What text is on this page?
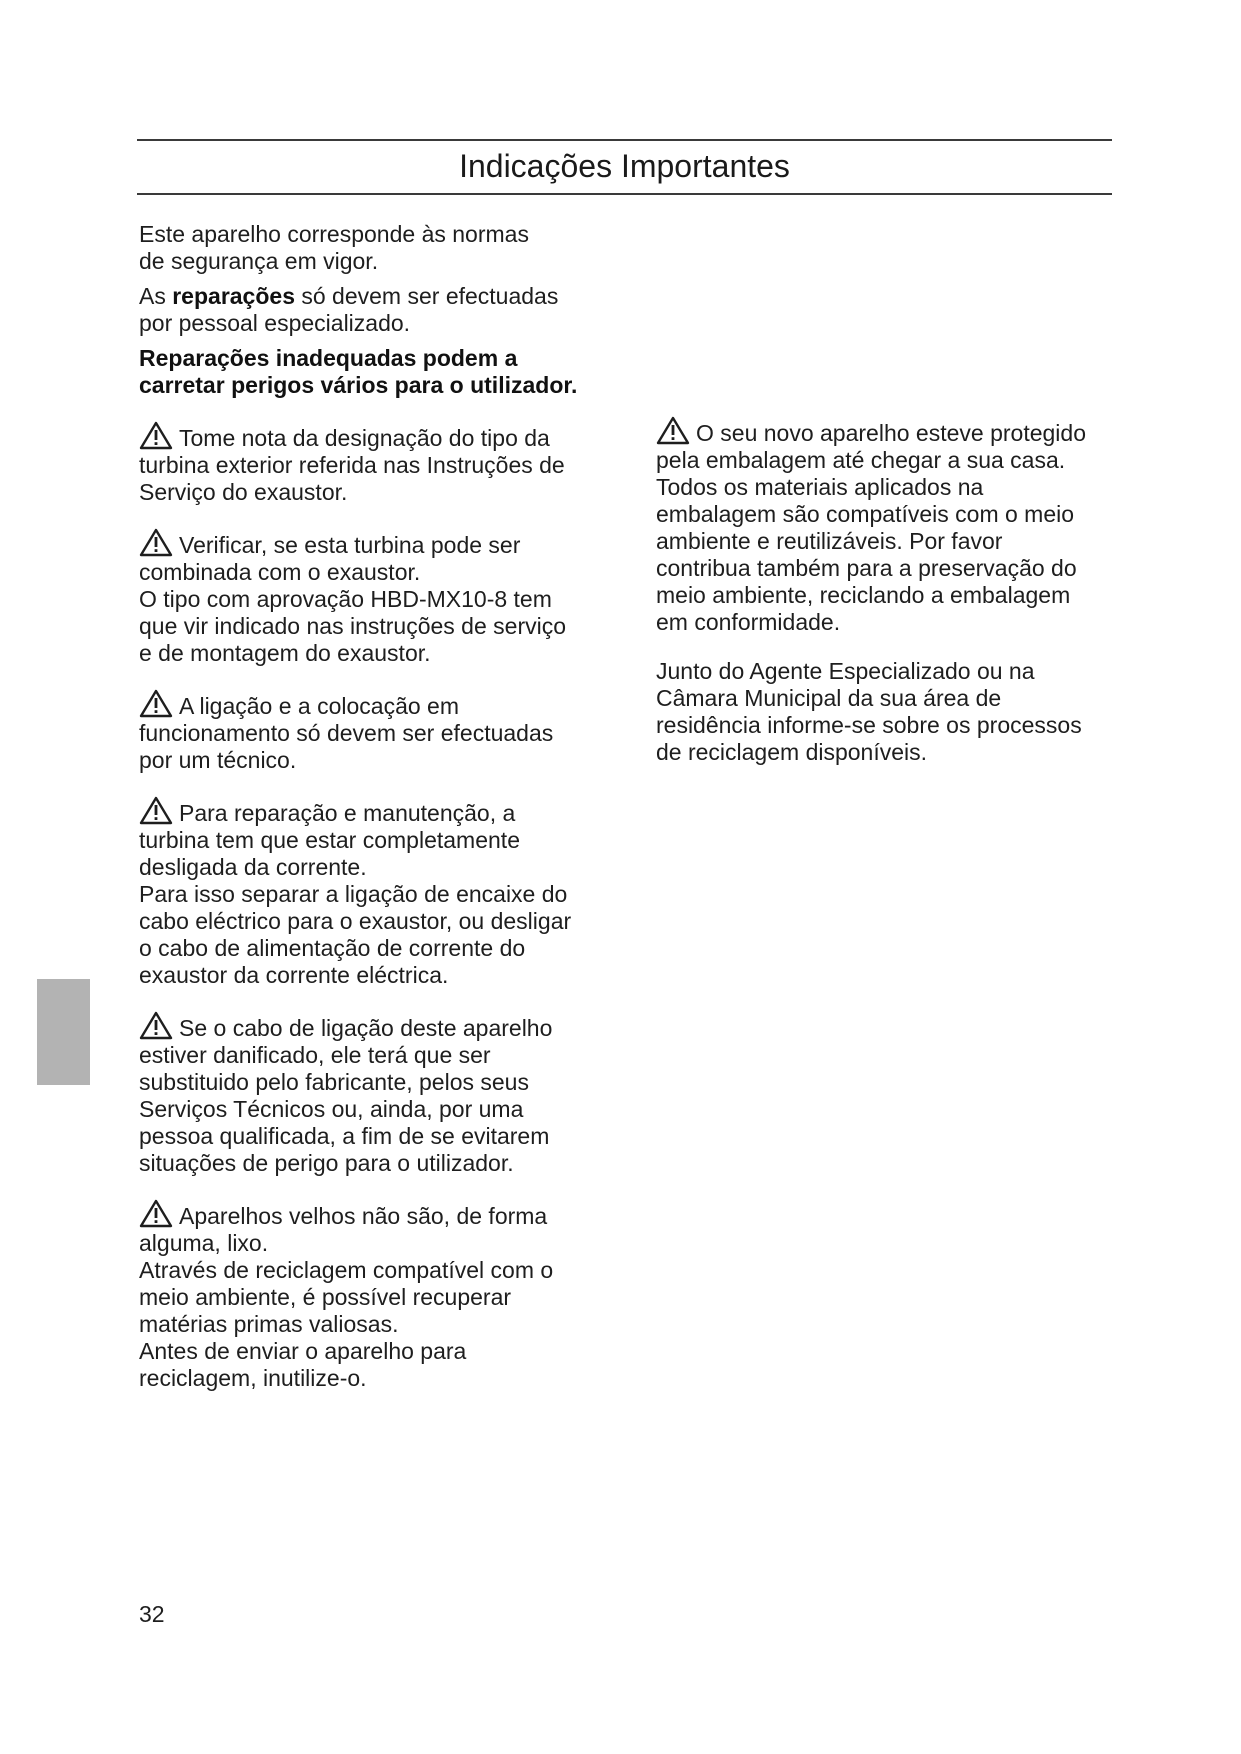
Indicações Importantes

Este aparelho corresponde às normas
de segurança em vigor.

As reparações só devem ser efectuadas
por pessoal especializado.

Reparações inadequadas podem a
carretar perigos vários para o utilizador.

Tome nota da designação do tipo da
turbina exterior referida nas Instruções de
Serviço do exaustor.

Verificar, se esta turbina pode ser
combinada com o exaustor.
O tipo com aprovação HBD-MX10-8 tem
que vir indicado nas instruções de serviço
e de montagem do exaustor.

A ligação e a colocação em
funcionamento só devem ser efectuadas
por um técnico.

Para reparação e manutenção, a
turbina tem que estar completamente
desligada da corrente.
Para isso separar a ligação de encaixe do
cabo eléctrico para o exaustor, ou desligar
o cabo de alimentação de corrente do
exaustor da corrente eléctrica.

Se o cabo de ligação deste aparelho
estiver danificado, ele terá que ser
substituido pelo fabricante, pelos seus
Serviços Técnicos ou, ainda, por uma
pessoa qualificada, a fim de se evitarem
situações de perigo para o utilizador.

Aparelhos velhos não são, de forma
alguma, lixo.
Através de reciclagem compatível com o
meio ambiente, é possível recuperar
matérias primas valiosas.
Antes de enviar o aparelho para
reciclagem, inutilize-o.

O seu novo aparelho esteve protegido
pela embalagem até chegar a sua casa.
Todos os materiais aplicados na
embalagem são compatíveis com o meio
ambiente e reutilizáveis. Por favor
contribua também para a preservação do
meio ambiente, reciclando a embalagem
em conformidade.

Junto do Agente Especializado ou na
Câmara Municipal da sua área de
residência informe-se sobre os processos
de reciclagem disponíveis.

32
